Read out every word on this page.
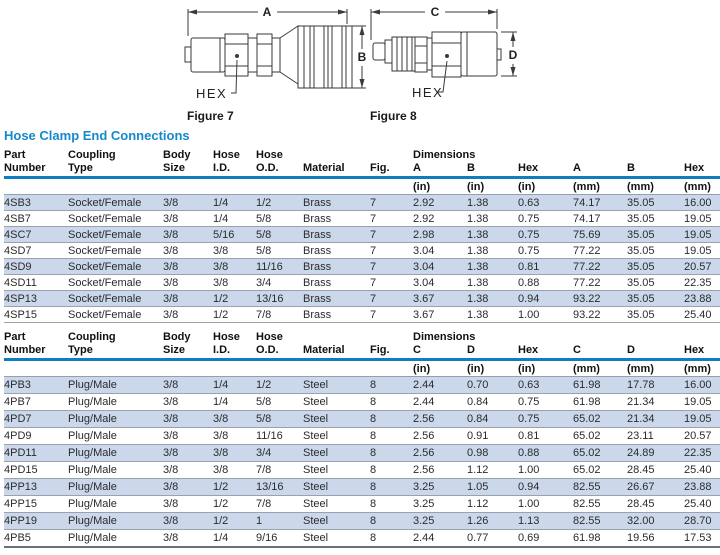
A
B
HEX
C
D
HEX
Figure 7	Figure 8
Hose Clamp End Connections
Part	Coupling	Body	Hose	Hose			Dimensions					
Number	Type	Size	I.D.	O.D.	Material	Fig.	A	B	Hex	A	B	Hex
							(in)	(in)	(in)	(mm)	(mm)	(mm)
4SB3	Socket/Female	3/8	1/4	1/2	Brass	7	2.92	1.38	0.63	74.17	35.05	16.00
4SB7	Socket/Female	3/8	1/4	5/8	Brass	7	2.92	1.38	0.75	74.17	35.05	19.05
4SC7	Socket/Female	3/8	5/16	5/8	Brass	7	2.98	1.38	0.75	75.69	35.05	19.05
4SD7	Socket/Female	3/8	3/8	5/8	Brass	7	3.04	1.38	0.75	77.22	35.05	19.05
4SD9	Socket/Female	3/8	3/8	11/16	Brass	7	3.04	1.38	0.81	77.22	35.05	20.57
4SD11	Socket/Female	3/8	3/8	3/4	Brass	7	3.04	1.38	0.88	77.22	35.05	22.35
4SP13	Socket/Female	3/8	1/2	13/16	Brass	7	3.67	1.38	0.94	93.22	35.05	23.88
4SP15	Socket/Female	3/8	1/2	7/8	Brass	7	3.67	1.38	1.00	93.22	35.05	25.40
Part	Coupling	Body	Hose	Hose			Dimensions					
Number	Type	Size	I.D.	O.D.	Material	Fig.	C	D	Hex	C	D	Hex
							(in)	(in)	(in)	(mm)	(mm)	(mm)
4PB3	Plug/Male	3/8	1/4	1/2	Steel	8	2.44	0.70	0.63	61.98	17.78	16.00
4PB7	Plug/Male	3/8	1/4	5/8	Steel	8	2.44	0.84	0.75	61.98	21.34	19.05
4PD7	Plug/Male	3/8	3/8	5/8	Steel	8	2.56	0.84	0.75	65.02	21.34	19.05
4PD9	Plug/Male	3/8	3/8	11/16	Steel	8	2.56	0.91	0.81	65.02	23.11	20.57
4PD11	Plug/Male	3/8	3/8	3/4	Steel	8	2.56	0.98	0.88	65.02	24.89	22.35
4PD15	Plug/Male	3/8	3/8	7/8	Steel	8	2.56	1.12	1.00	65.02	28.45	25.40
4PP13	Plug/Male	3/8	1/2	13/16	Steel	8	3.25	1.05	0.94	82.55	26.67	23.88
4PP15	Plug/Male	3/8	1/2	7/8	Steel	8	3.25	1.12	1.00	82.55	28.45	25.40
4PP19	Plug/Male	3/8	1/2	1	Steel	8	3.25	1.26	1.13	82.55	32.00	28.70
4PB5	Plug/Male	3/8	1/4	9/16	Steel	8	2.44	0.77	0.69	61.98	19.56	17.53
